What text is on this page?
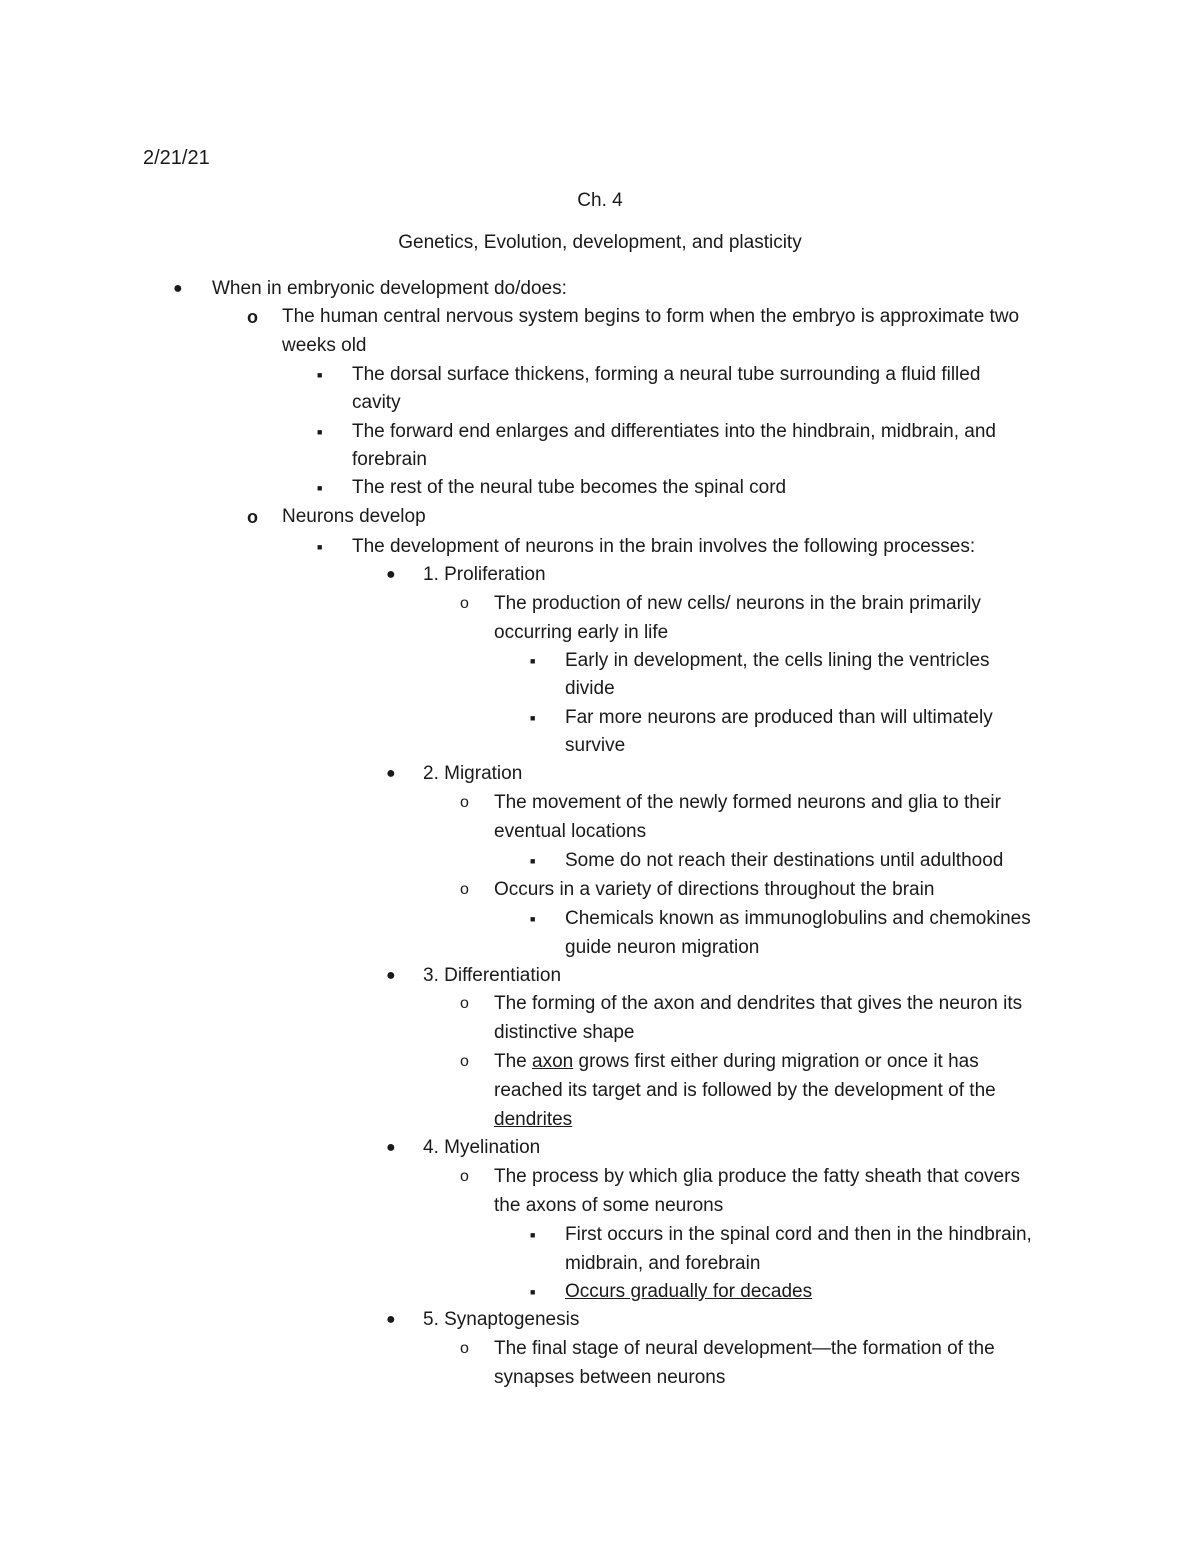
2/21/21
Ch. 4
Genetics, Evolution, development, and plasticity
● When in embryonic development do/does:
o The human central nervous system begins to form when the embryo is approximate two
weeks old
■ The dorsal surface thickens, forming a neural tube surrounding a fluid filled
cavity
■ The forward end enlarges and differentiates into the hindbrain, midbrain, and
forebrain
■ The rest of the neural tube becomes the spinal cord
o Neurons develop
■ The development of neurons in the brain involves the following processes:
● 1. Proliferation
o The production of new cells/ neurons in the brain primarily
occurring early in life
■ Early in development, the cells lining the ventricles
divide
■ Far more neurons are produced than will ultimately
survive
● 2. Migration
o The movement of the newly formed neurons and glia to their
eventual locations
■ Some do not reach their destinations until adulthood
o Occurs in a variety of directions throughout the brain
■ Chemicals known as immunoglobulins and chemokines
guide neuron migration
● 3. Differentiation
o The forming of the axon and dendrites that gives the neuron its
distinctive shape
o The axon grows first either during migration or once it has
reached its target and is followed by the development of the
dendrites
● 4. Myelination
o The process by which glia produce the fatty sheath that covers
the axons of some neurons
■ First occurs in the spinal cord and then in the hindbrain,
midbrain, and forebrain
■ Occurs gradually for decades
● 5. Synaptogenesis
o The final stage of neural development—the formation of the
synapses between neurons
